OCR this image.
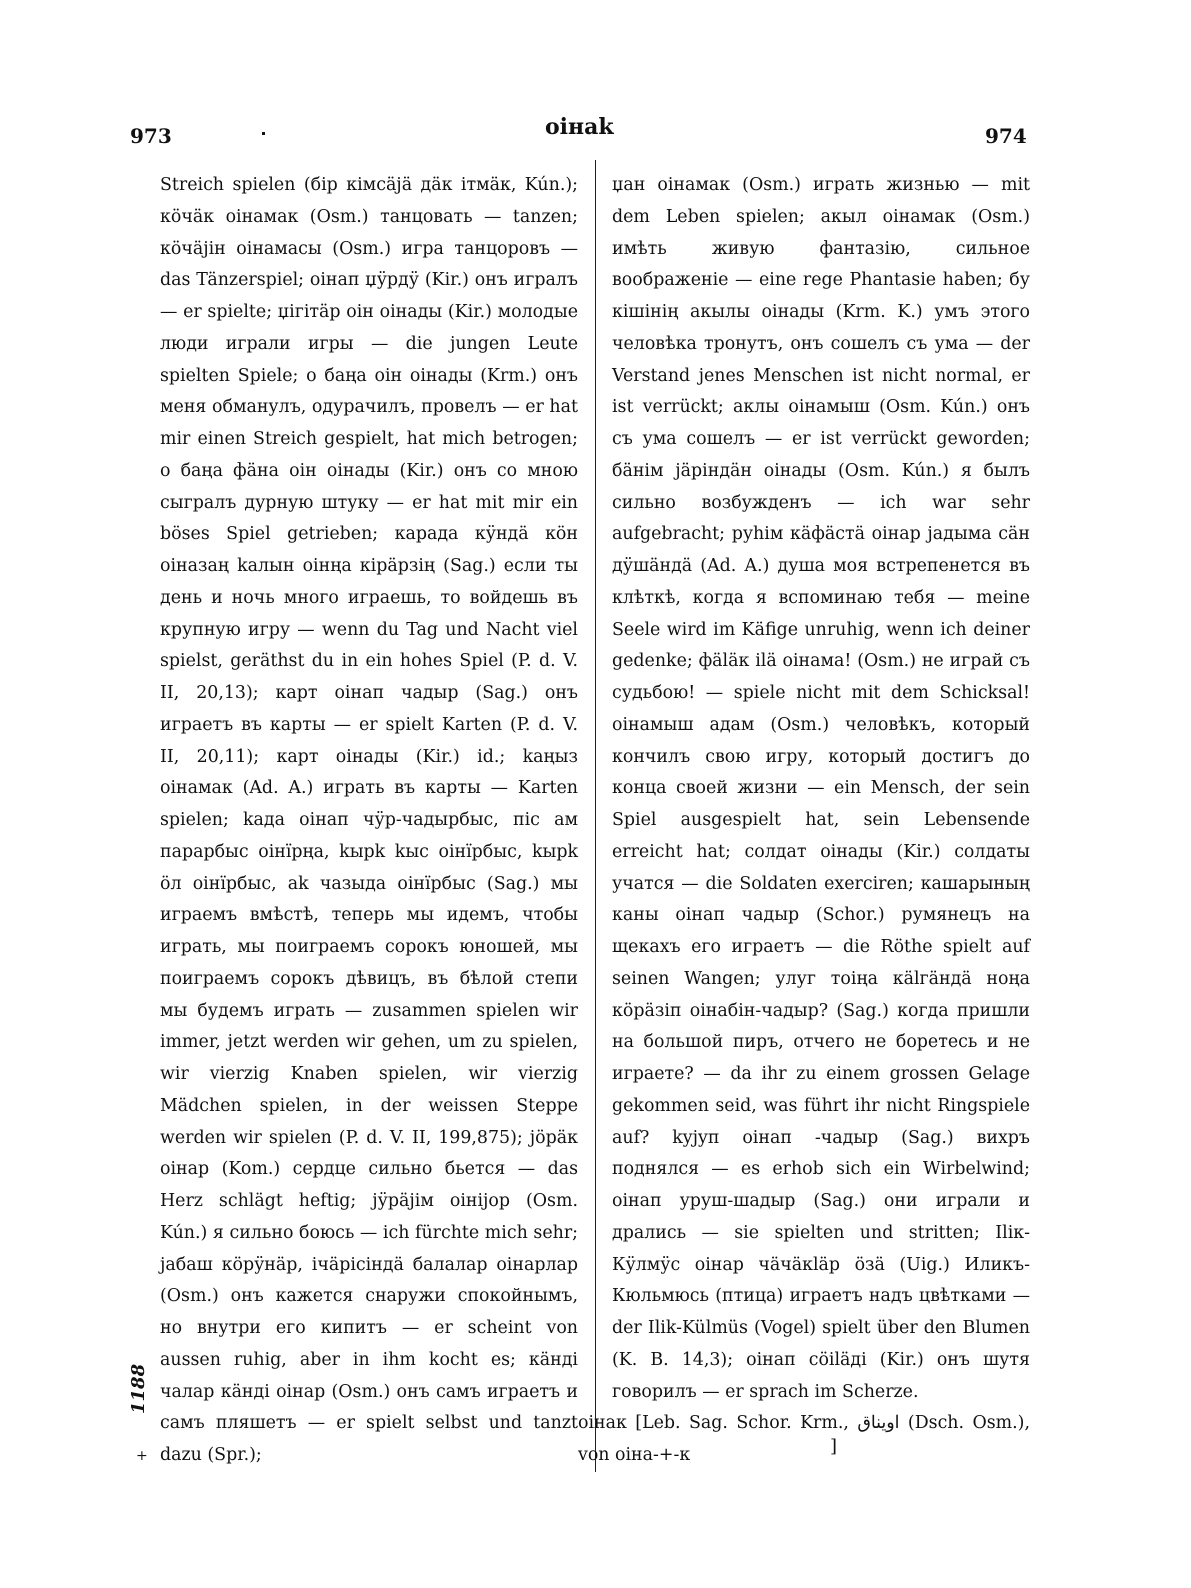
973	oiнak	974

Streich spielen (бір кімсäjä дäк ітмäк, Kún.); кӧчäк оінамак (Osm.) танцовать — tanzen; кӧчӓjін оінамасы (Osm.) игра танцоровъ — das Tänzerspiel; оінап џӱрдӱ (Kir.) онъ игралъ — er spielte; џігітäр оін оінады (Kir.) молодые люди играли игры — die jungen Leute spielten Spiele; о баңа оін оінады (Krm.) онъ меня обманулъ, одурачилъ, провелъ — er hat mir einen Streich gespielt, hat mich betrogen; о баңа фäна оін оінады (Kir.) онъ со мною сыгралъ дурную штуку — er hat mit mir ein böses Spiel getrieben; карада кӱндӓ кӧн оіназаң kалын оінңа кірäрзің (Sag.) если ты день и ночь много играешь, то войдешь въ крупную игру — wenn du Tag und Nacht viel spielst, geräthst du in ein hohes Spiel (P. d. V. II, 20,13); карт оінап чадыр (Sag.) онъ играетъ въ карты — er spielt Karten (P. d. V. II, 20,11); карт оінады (Kir.) id.; kаңыз оінамак (Ad. A.) играть въ карты — Karten spielen; kада оінап чӱр-чадырбыс, піс ам парарбыс оінїрңа, kырk kыс оінїрбыс, kырk ӧл оінїрбыс, ak чазыда оінїрбыс (Sag.) мы играемъ вмѣстѣ, теперь мы идемъ, чтобы играть, мы поиграемъ сорокъ юношей, мы поиграемъ сорокъ дѣвицъ, въ бѣлой степи мы будемъ играть — zusammen spielen wir immer, jetzt werden wir gehen, um zu spielen, wir vierzig Knaben spielen, wir vierzig Mädchen spielen, in der weissen Steppe werden wir spielen (P. d. V. II, 199,875); jӧрäк оінар (Kom.) сердце сильно бьется — das Herz schlägt heftig; jӱрäjім оінijор (Osm. Kún.) я сильно боюсь — ich fürchte mich sehr; jабаш кӧрӱнäр, ічäрісіндӓ балалар оінарлар (Osm.) онъ кажется снаружи спокойнымъ, но внутри его кипитъ — er scheint von aussen ruhig, aber in ihm kocht es; кäнді чалар кäнді оінар (Osm.) онъ самъ играетъ и самъ пляшетъ — er spielt selbst und tanzt dazu (Spr.);

џан оінамак (Osm.) играть жизнью — mit dem Leben spielen; акыл оінамак (Osm.) имѣть живую фантазію, сильное воображеніе — eine rege Phantasie haben; бу кішінің акылы оінады (Krm. K.) умъ этого человѣка тронутъ, онъ сошелъ съ ума — der Verstand jenes Menschen ist nicht normal, er ist verrückt; aклы оінамыш (Osm. Kún.) онъ съ ума сошелъ — er ist verrückt geworden; бäнім jäріндäн оінады (Osm. Kún.) я былъ сильно возбужденъ — ich war sehr aufgebracht; руhім кäфäстӓ оінар jадыма сäн дӱшӓндӓ (Ad. A.) душа моя встрепенется въ клѣткѣ, когда я вспоминаю тебя — meine Seele wird im Käfige unruhig, wenn ich deiner gedenke; фäläк ilä оінама! (Osm.) не играй съ судьбою! — spiele nicht mit dem Schicksal! оінамыш адам (Osm.) человѣкъ, который кончилъ свою игру, который достигъ до конца своей жизни — ein Mensch, der sein Spiel ausgespielt hat, sein Lebensende erreicht hat; солдат оінады (Kir.) солдаты учатся — die Soldaten exerciren; кашарының каны оінап чадыр (Schor.) румянецъ на щекахъ его играетъ — die Röthe spielt auf seinen Wangen; улуг тоіңа кälгäндӓ ноңа кӧрäзіп оінабін-чадыр? (Sag.) когда пришли на большой пиръ, отчего не боретесь и не играете? — da ihr zu einem grossen Gelage gekommen seid, was führt ihr nicht Ringspiele auf? kyjyп оінап -чадыр (Sag.) вихръ поднялся — es erhob sich ein Wirbelwind; оінап уруш-шадыр (Sag.) они играли и дрались — sie spielten und stritten; Ilік-Кӱлмӱс оінар чäчäкläр ӧзä (Uig.) Иликъ-Кюльмюсь (птица) играетъ надъ цвѣтками — der Ilik-Külmüs (Vogel) spielt über den Blumen (K. B. 14,3); оінап сӧіläді (Kir.) онъ шутя говорилъ — er sprach im Scherze.

оінак [Leb. Sag. Schor. Krm., اويناق (Dsch. Osm.), von оіна-+-к

1188
+	]
